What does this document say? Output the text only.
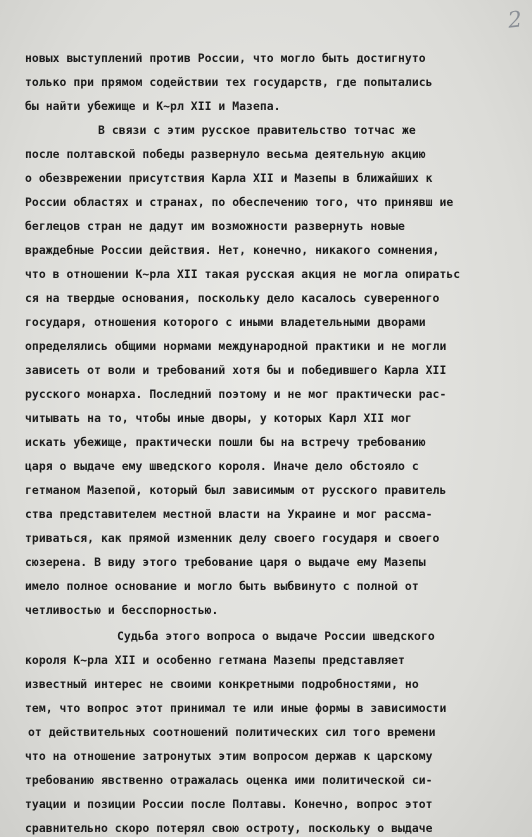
2
новых выступлений против России, что могло быть достигнуто
только при прямом содействии тех государств, где попытались
бы найти убежище и К~рл XII и Мазепа.
В связи с этим русское правительство тотчас же
после полтавской победы развернуло весьма деятельную акцию
о обезврежении присутствия Карла XII и Мазепы в ближайших к
России областях и странах, по обеспечению того, что принявш ие
беглецов стран не дадут им возможности развернуть новые
враждебные России действия. Нет, конечно, никакого сомнения,
что в отношении К~рла XII такая русская акция не могла опиратьс
ся на твердые основания, поскольку дело касалось суверенного
государя, отношения которого с иными владетельными дворами
определялись общими нормами международной практики и не могли
зависеть от воли и требований хотя бы и победившего Карла XII
русского монарха. Последний поэтому и не мог практически рас-
читывать на то, чтобы иные дворы, у которых Карл XII мог
искать убежище, практически пошли бы на встречу требованию
царя о выдаче ему шведского короля. Иначе дело обстояло с
гетманом Мазепой, который был зависимым от русского правитель
ства представителем местной власти на Украине и мог рассма-
триваться, как прямой изменник делу своего государя и своего
сюзерена. В виду этого требование царя о выдаче ему Мазепы
имело полное основание и могло быть выбвинуто с полной от
четливостью и бесспорностью.
Судьба этого вопроса о выдаче России шведского
короля К~рла XII и особенно гетмана Мазепы представляет
известный интерес не своими конкретными подробностями, но
тем, что вопрос этот принимал те или иные формы в зависимости
от действительных соотношений политических сил того времени
что на отношение затронутых этим вопросом держав к царскому
требованию явственно отражалась оценка ими политической си-
туации и позиции России после Полтавы. Конечно, вопрос этот
сравнительно скоро потерял свою остроту, поскольку о выдаче
